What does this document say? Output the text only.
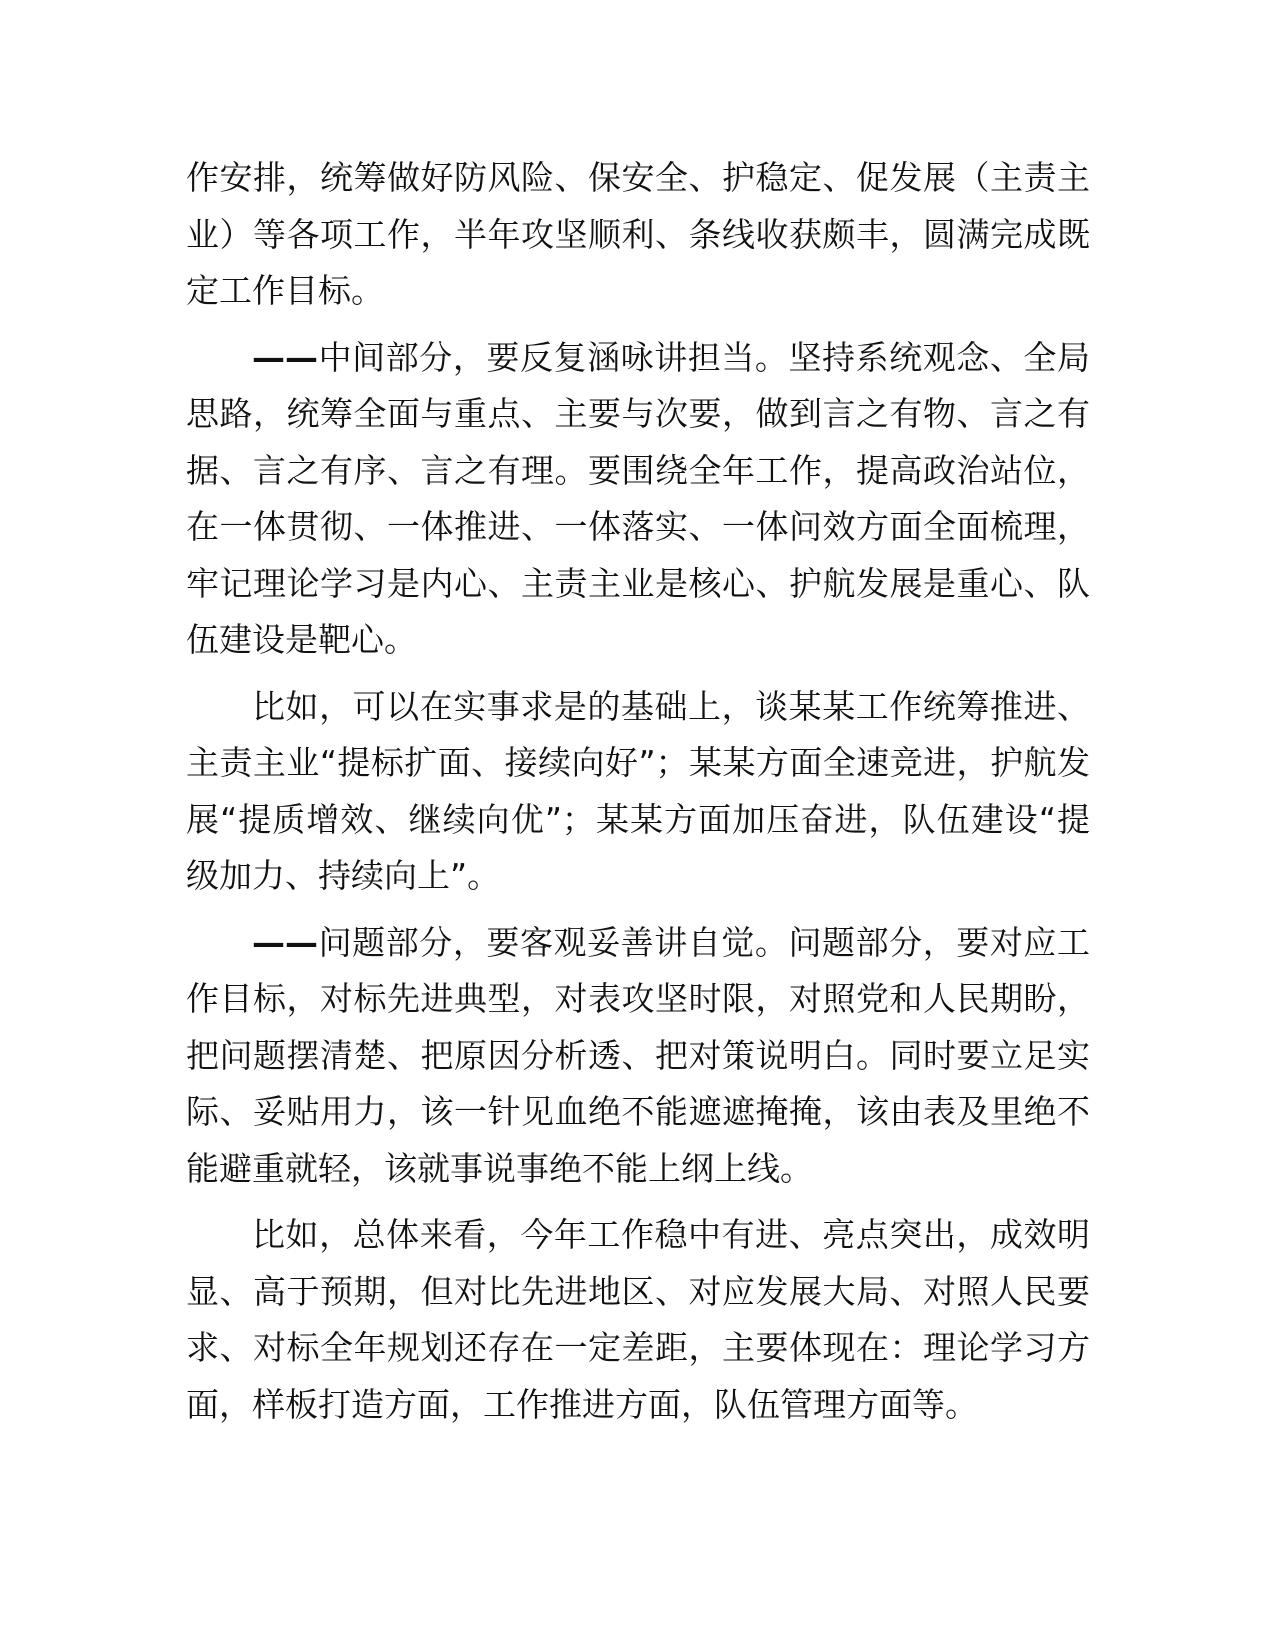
作安排，统筹做好防风险、保安全、护稳定、促发展（主责主业）等各项工作，半年攻坚顺利、条线收获颇丰，圆满完成既定工作目标。

——中间部分，要反复涵咏讲担当。坚持系统观念、全局思路，统筹全面与重点、主要与次要，做到言之有物、言之有据、言之有序、言之有理。要围绕全年工作，提高政治站位，在一体贯彻、一体推进、一体落实、一体问效方面全面梳理，牢记理论学习是内心、主责主业是核心、护航发展是重心、队伍建设是靶心。

比如，可以在实事求是的基础上，谈某某工作统筹推进、主责主业“提标扩面、接续向好”；某某方面全速竞进，护航发展“提质增效、继续向优”；某某方面加压奋进，队伍建设“提级加力、持续向上”。

——问题部分，要客观妥善讲自觉。问题部分，要对应工作目标，对标先进典型，对表攻坚时限，对照党和人民期盼，把问题摆清楚、把原因分析透、把对策说明白。同时要立足实际、妥贴用力，该一针见血绝不能遮遮掩掩，该由表及里绝不能避重就轻，该就事说事绝不能上纲上线。

比如，总体来看，今年工作稳中有进、亮点突出，成效明显、高于预期，但对比先进地区、对应发展大局、对照人民要求、对标全年规划还存在一定差距，主要体现在：理论学习方面，样板打造方面，工作推进方面，队伍管理方面等。
